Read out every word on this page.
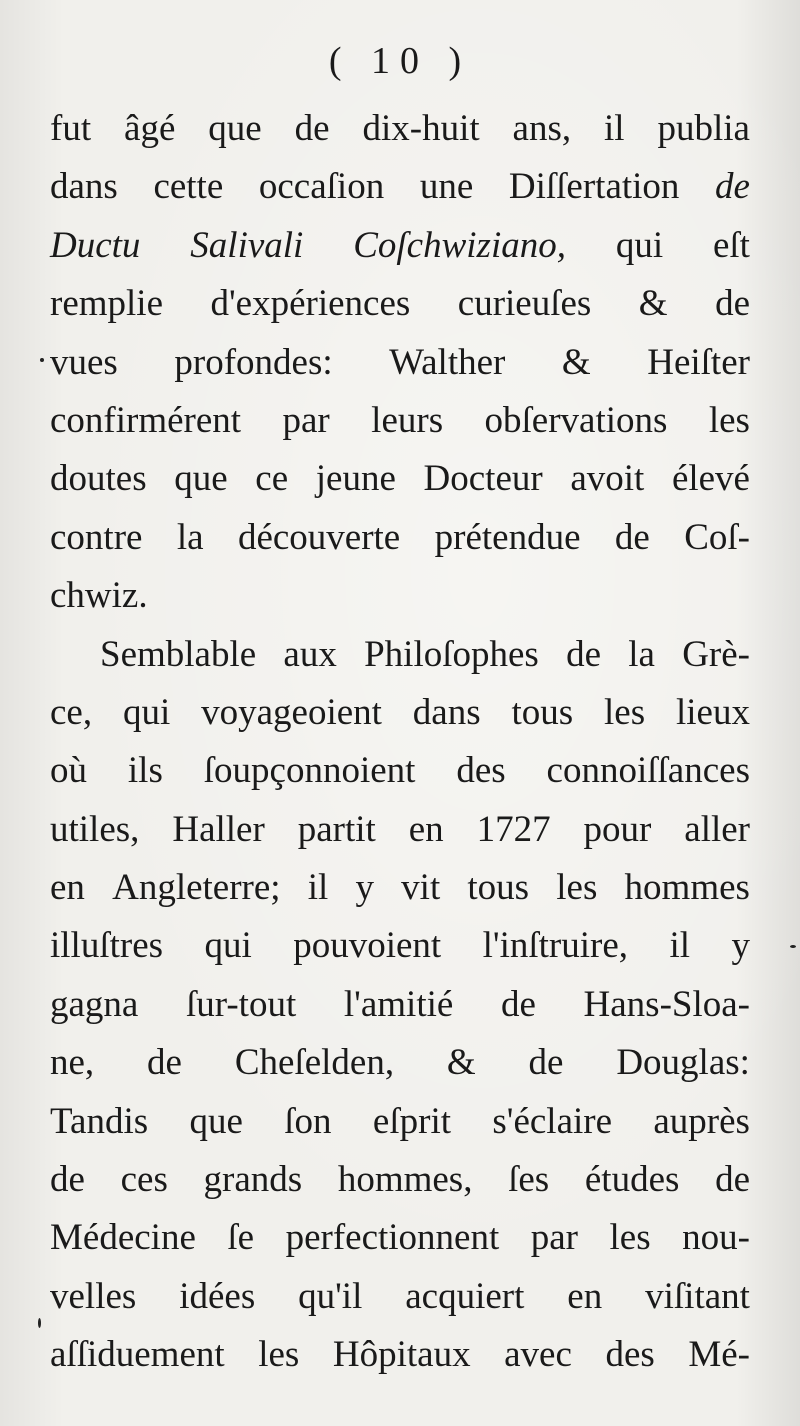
( 10 )
fut âgé que de dix-huit ans, il publia
dans cette occaſion une Diſſertation de
Ductu Salivali Coſchwiziano, qui eſt
remplie d'expériences curieuſes & de
vues profondes: Walther & Heiſter
confirmérent par leurs obſervations les
doutes que ce jeune Docteur avoit élevé
contre la découverte prétendue de Coſ-
chwiz.
Semblable aux Philoſophes de la Grè-
ce, qui voyageoient dans tous les lieux
où ils ſoupçonnoient des connoiſſances
utiles, Haller partit en 1727 pour aller
en Angleterre; il y vit tous les hommes
illuſtres qui pouvoient l'inſtruire, il y
gagna ſur-tout l'amitié de Hans-Sloa-
ne, de Cheſelden, & de Douglas:
Tandis que ſon eſprit s'éclaire auprès
de ces grands hommes, ſes études de
Médecine ſe perfectionnent par les nou-
velles idées qu'il acquiert en viſitant
aſſiduement les Hôpitaux avec des Mé-
